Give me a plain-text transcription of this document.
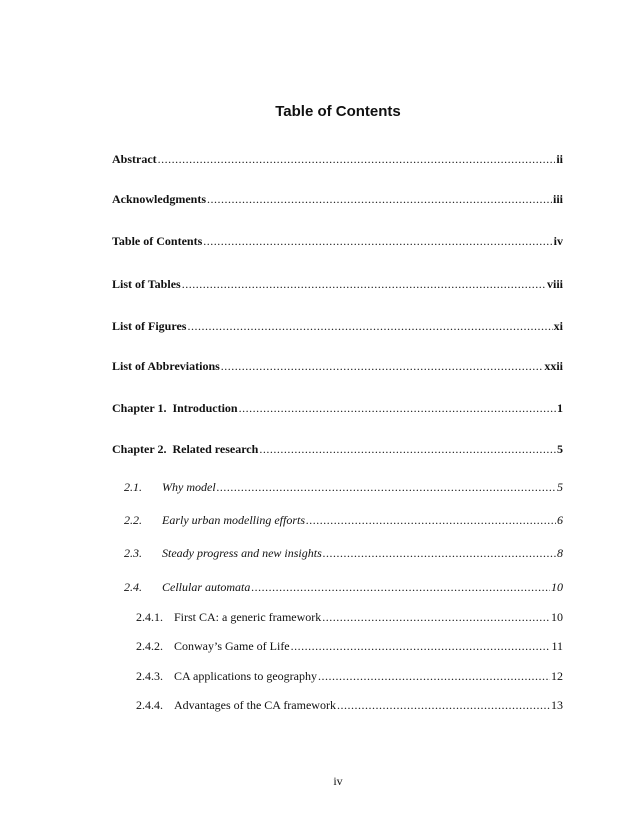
Table of Contents
Abstract .....	ii
Acknowledgments .....	iii
Table of Contents .....	iv
List of Tables .....	viii
List of Figures .....	xi
List of Abbreviations .....	xxii
Chapter 1.  Introduction .....	1
Chapter 2.  Related research .....	5
2.1.	Why model .....	5
2.2.	Early urban modelling efforts .....	6
2.3.	Steady progress and new insights .....	8
2.4.	Cellular automata .....	10
2.4.1. First CA: a generic framework .....	10
2.4.2. Conway’s Game of Life .....	11
2.4.3. CA applications to geography .....	12
2.4.4. Advantages of the CA framework .....	13
iv
